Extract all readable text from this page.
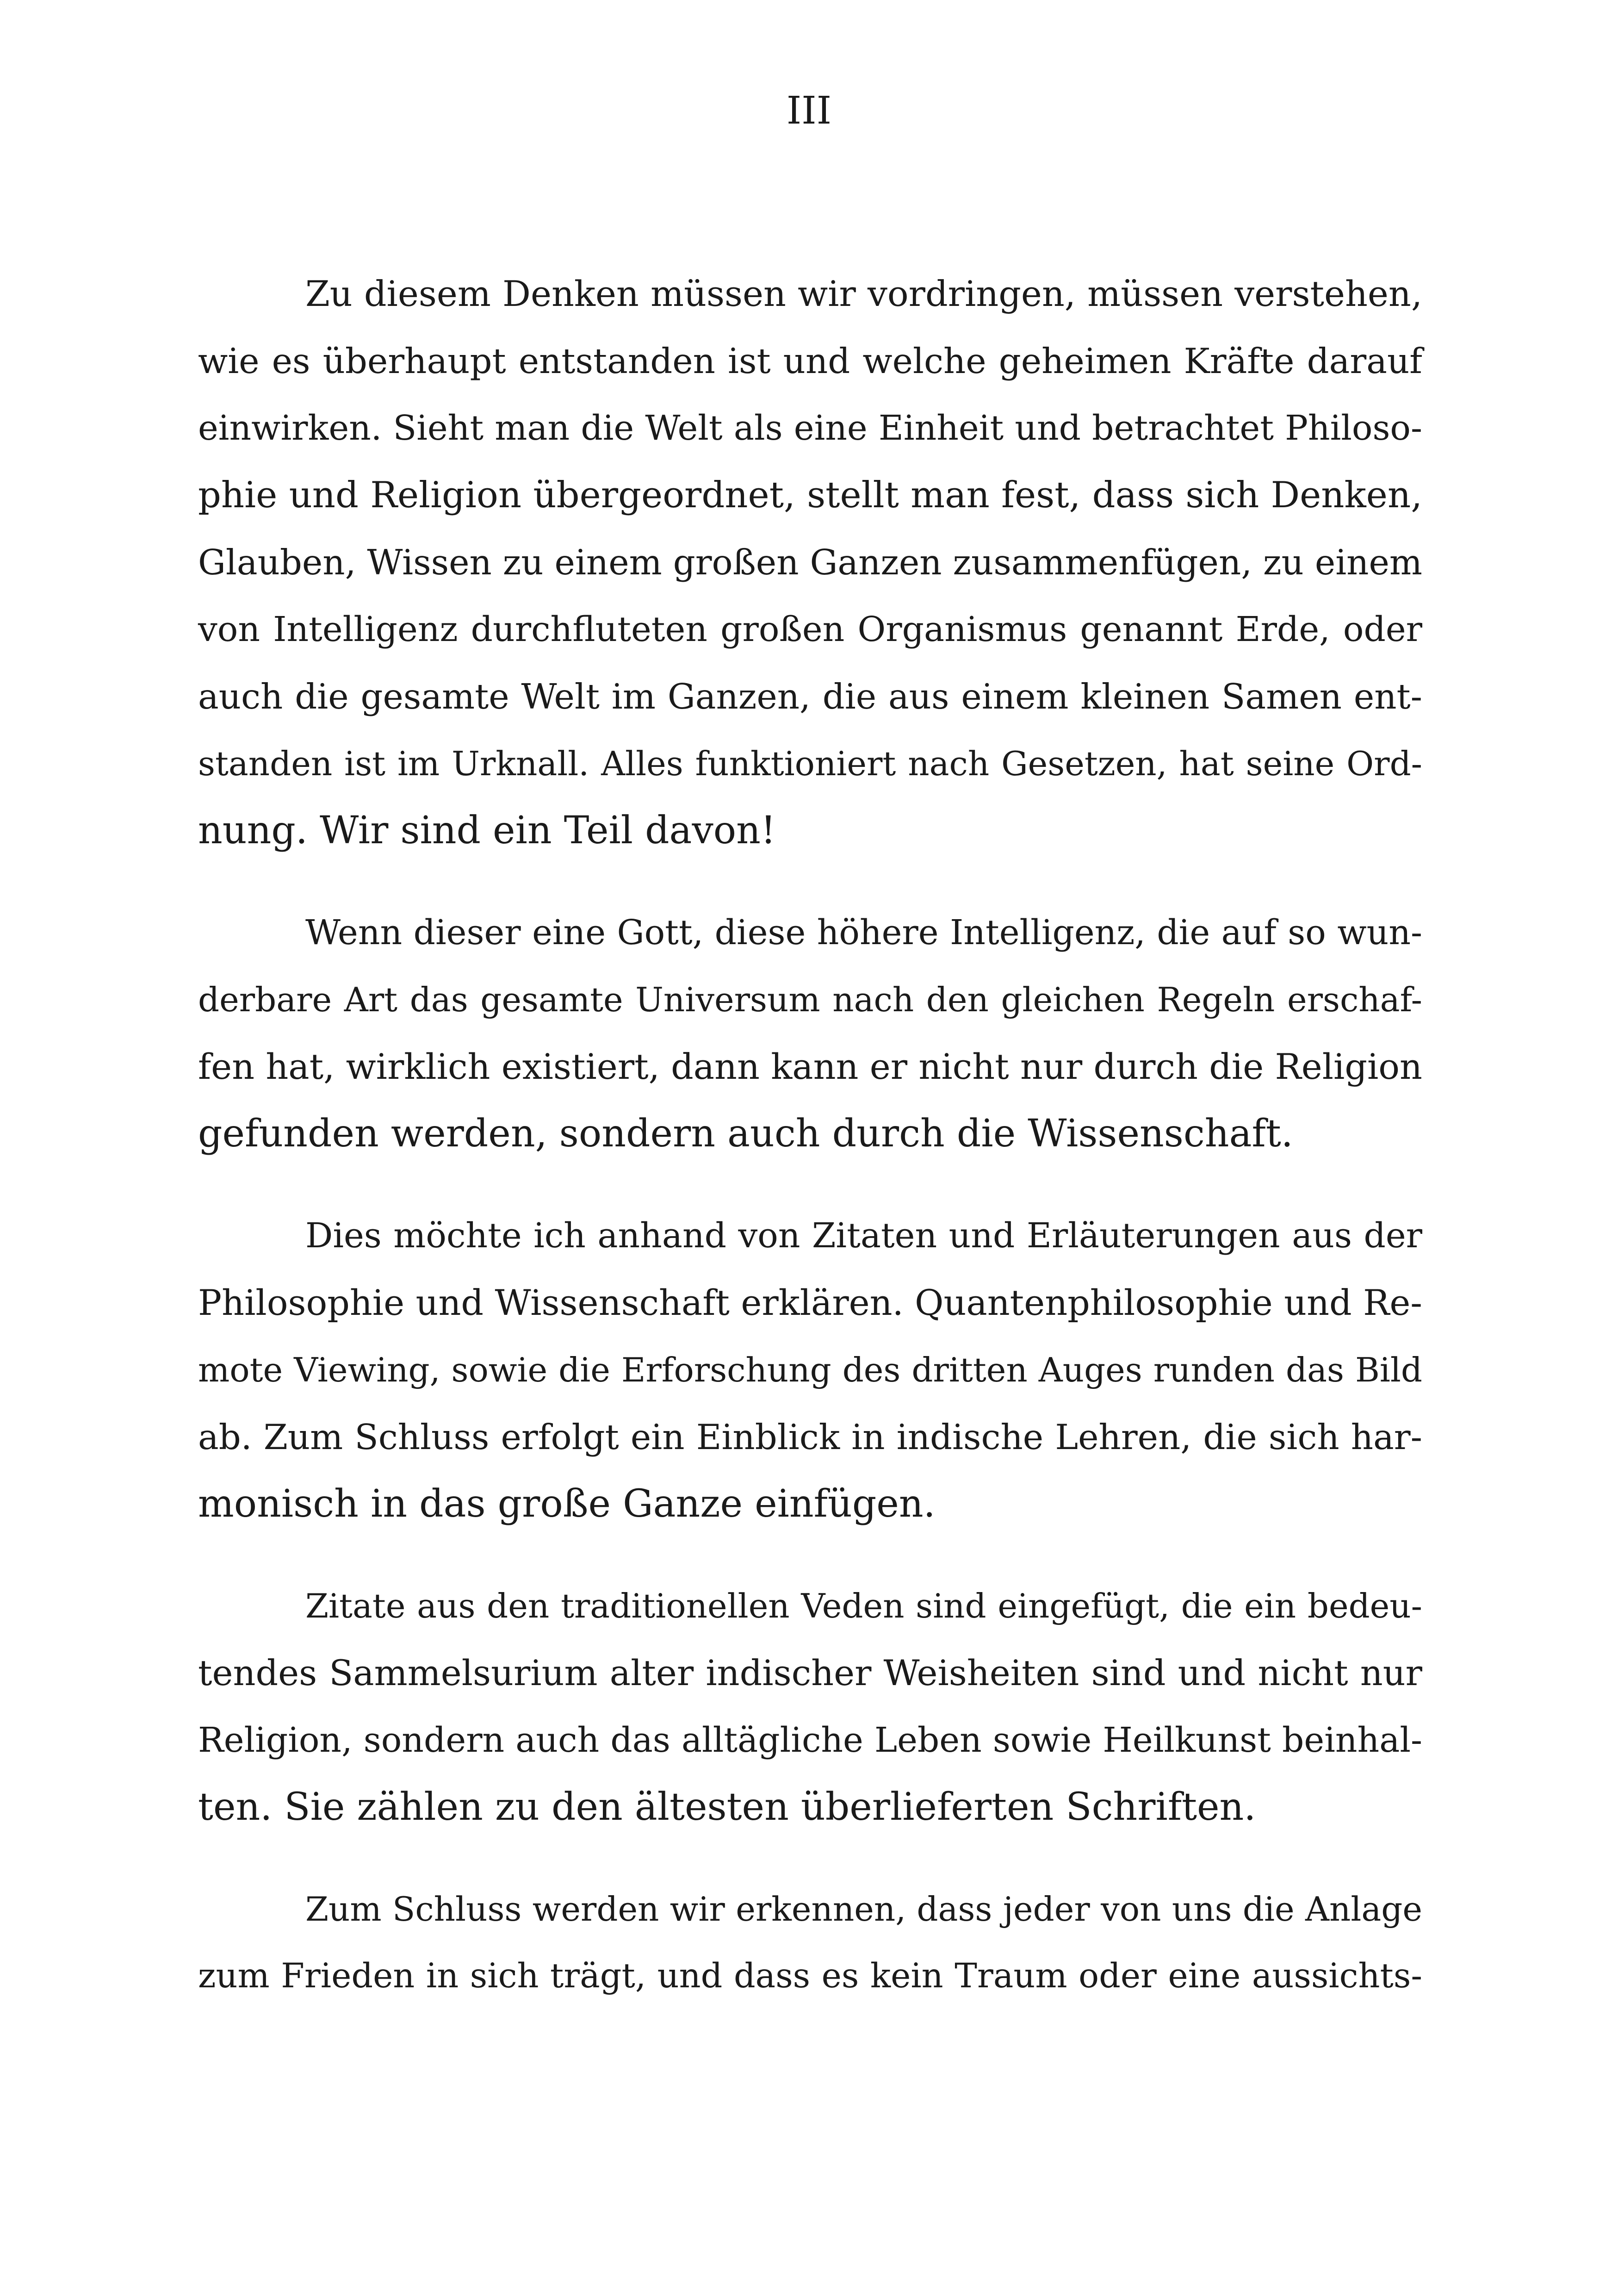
III

Zu diesem Denken müssen wir vordringen, müssen verstehen,

wie es überhaupt entstanden ist und welche geheimen Kräfte darauf

einwirken. Sieht man die Welt als eine Einheit und betrachtet Philoso-

phie und Religion übergeordnet, stellt man fest, dass sich Denken,

Glauben, Wissen zu einem großen Ganzen zusammenfügen, zu einem

von Intelligenz durchfluteten großen Organismus genannt Erde, oder

auch die gesamte Welt im Ganzen, die aus einem kleinen Samen ent-

standen ist im Urknall. Alles funktioniert nach Gesetzen, hat seine Ord-

nung. Wir sind ein Teil davon!

Wenn dieser eine Gott, diese höhere Intelligenz, die auf so wun-

derbare Art das gesamte Universum nach den gleichen Regeln erschaf-

fen hat, wirklich existiert, dann kann er nicht nur durch die Religion

gefunden werden, sondern auch durch die Wissenschaft.

Dies möchte ich anhand von Zitaten und Erläuterungen aus der

Philosophie und Wissenschaft erklären. Quantenphilosophie und Re-

mote Viewing, sowie die Erforschung des dritten Auges runden das Bild

ab. Zum Schluss erfolgt ein Einblick in indische Lehren, die sich har-

monisch in das große Ganze einfügen.

Zitate aus den traditionellen Veden sind eingefügt, die ein bedeu-

tendes Sammelsurium alter indischer Weisheiten sind und nicht nur

Religion, sondern auch das alltägliche Leben sowie Heilkunst beinhal-

ten. Sie zählen zu den ältesten überlieferten Schriften.

Zum Schluss werden wir erkennen, dass jeder von uns die Anlage

zum Frieden in sich trägt, und dass es kein Traum oder eine aussichts-
